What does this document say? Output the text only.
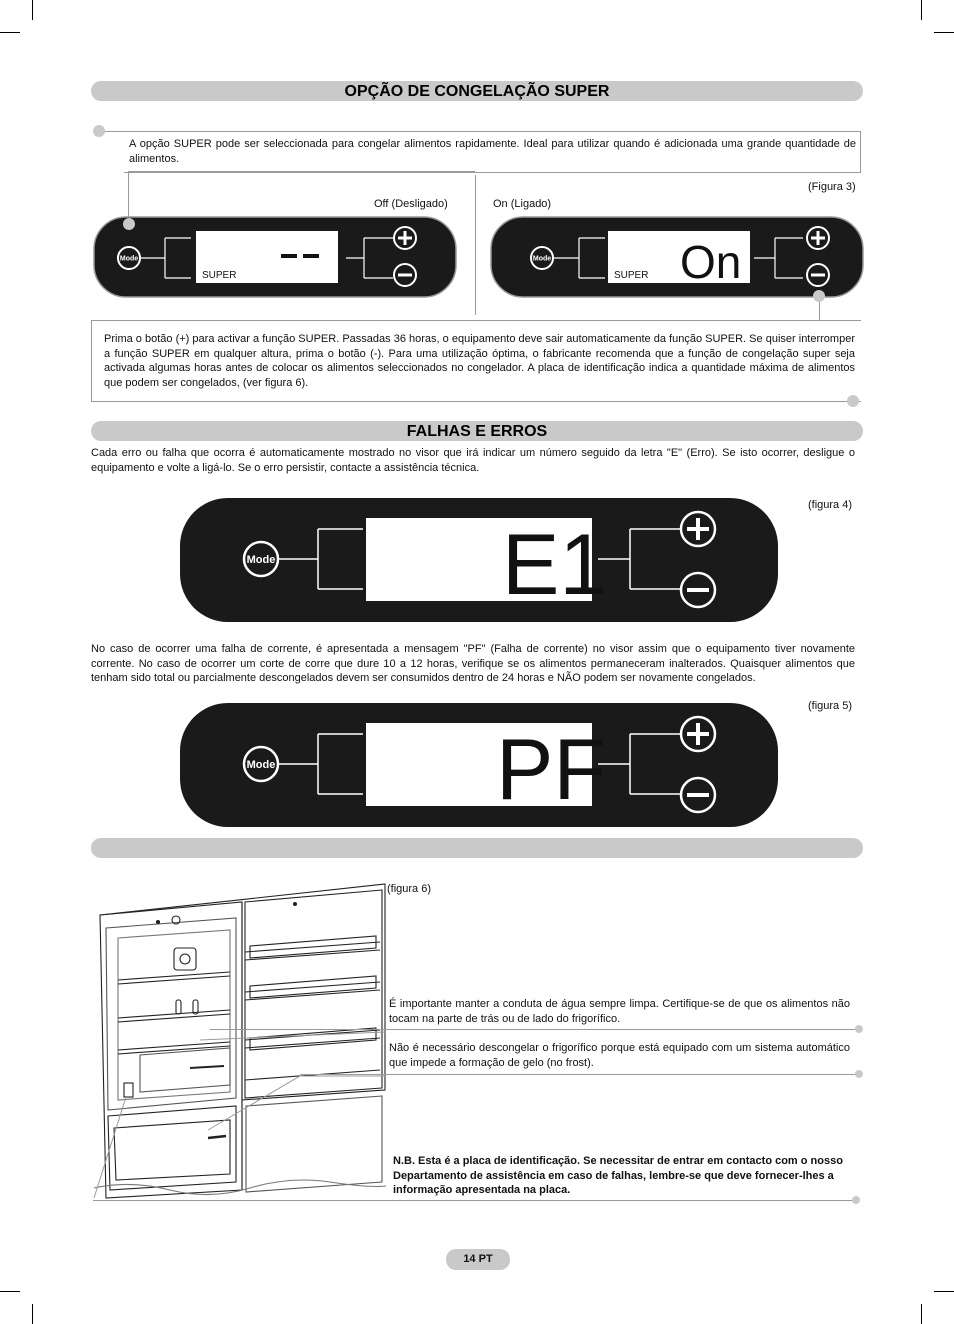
OPÇÃO DE CONGELAÇÃO SUPER
A opção SUPER pode ser seleccionada para congelar alimentos rapidamente. Ideal para utilizar quando é adicionada uma grande quantidade de alimentos.
(Figura 3)
Off (Desligado)	On (Ligado)
Mode
SUPER
Mode
SUPER On
Prima o botão (+) para activar a função SUPER. Passadas 36 horas, o equipamento deve sair automaticamente da função SUPER. Se quiser interromper a função SUPER em qualquer altura, prima o botão (-). Para uma utilização óptima, o fabricante recomenda que a função de congelação super seja activada algumas horas antes de colocar os alimentos seleccionados no congelador. A placa de identificação indica a quantidade máxima de alimentos que podem ser congelados, (ver figura 6).
FALHAS E ERROS
Cada erro ou falha que ocorra é automaticamente mostrado no visor que irá indicar um número seguido da letra "E" (Erro). Se isto ocorrer, desligue o equipamento e volte a ligá-lo. Se o erro persistir, contacte a assistência técnica.
(figura 4)
Mode	E1
No caso de ocorrer uma falha de corrente, é apresentada a mensagem "PF" (Falha de corrente) no visor assim que o equipamento tiver novamente corrente. No caso de ocorrer um corte de corre que dure 10 a 12 horas, verifique se os alimentos permaneceram inalterados. Quaisquer alimentos que tenham sido total ou parcialmente descongelados devem ser consumidos dentro de 24 horas e NÃO podem ser novamente congelados.
(figura 5)
Mode	PF
(figura 6)
É importante manter a conduta de água sempre limpa. Certifique-se de que os alimentos não tocam na parte de trás ou de lado do frigorífico.
Não é necessário descongelar o frigorífico porque está equipado com um sistema automático que impede a formação de gelo (no frost).
N.B. Esta é a placa de identificação. Se necessitar de entrar em contacto com o nosso Departamento de assistência em caso de falhas, lembre-se que deve fornecer-lhes a informação apresentada na placa.
14 PT
